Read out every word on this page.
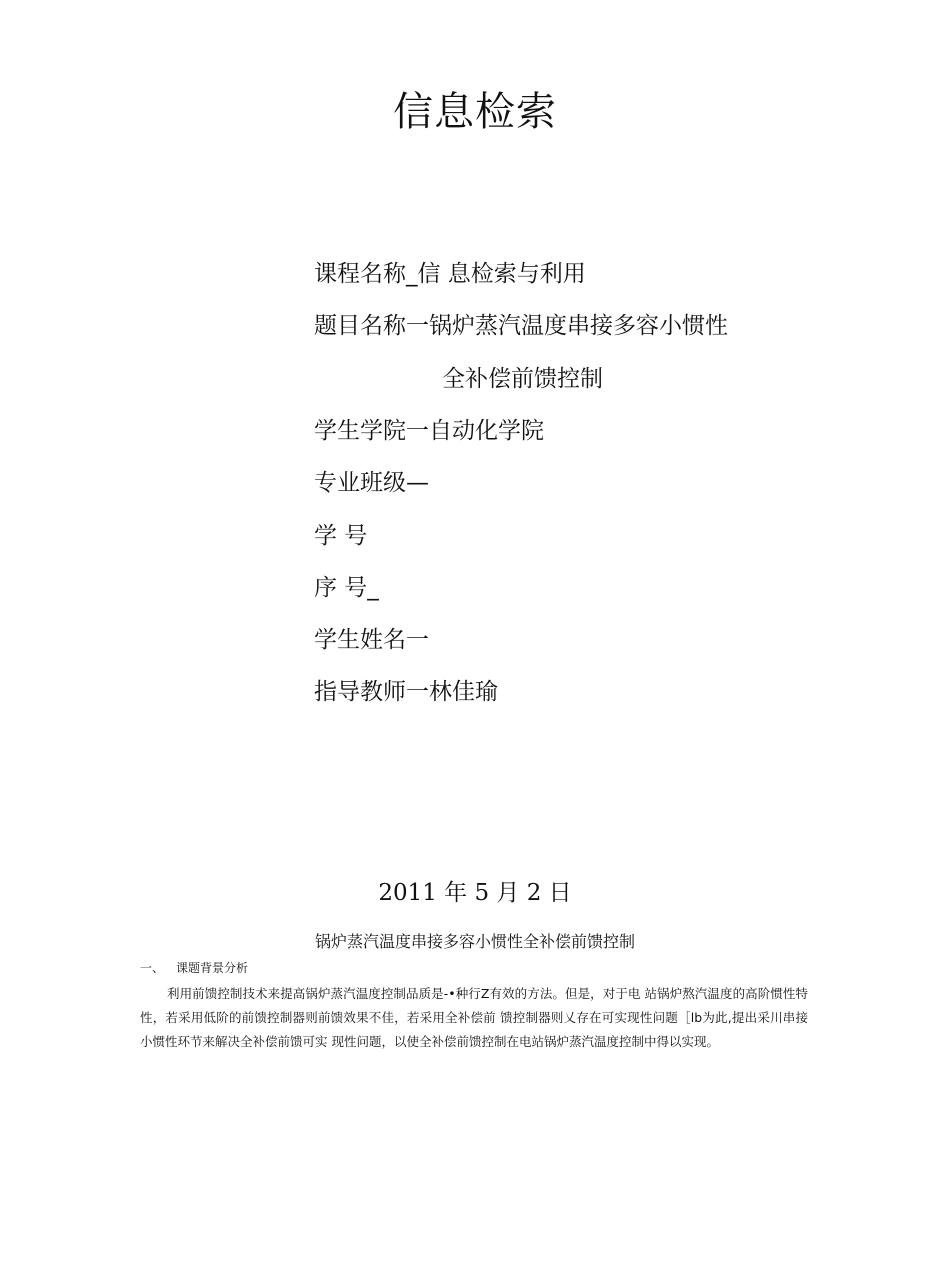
信息检索
课程名称_信 息检索与利用
题目名称一锅炉蒸汽温度串接多容小惯性
全补偿前馈控制
学生学院一自动化学院
专业班级—
学 号
序 号_
学生姓名一
指导教师一林佳瑜
2011 年 5 月 2 日
锅炉蒸汽温度串接多容小惯性全补偿前馈控制
一、 课题背景分析
利用前馈控制技术来提高锅炉蒸汽温度控制品质是-•种行Z有效的方法。但是，对于电 站锅炉熬汽温度的高阶惯性特性，若采用低阶的前馈控制器则前馈效果不佳，若采用全补偿前 馈控制器则乂存在可实现性问题［lb为此,提出采川串接小惯性环节来解决全补偿前馈可实 现性问题，以使全补偿前馈控制在电站锅炉蒸汽温度控制中得以实现。
